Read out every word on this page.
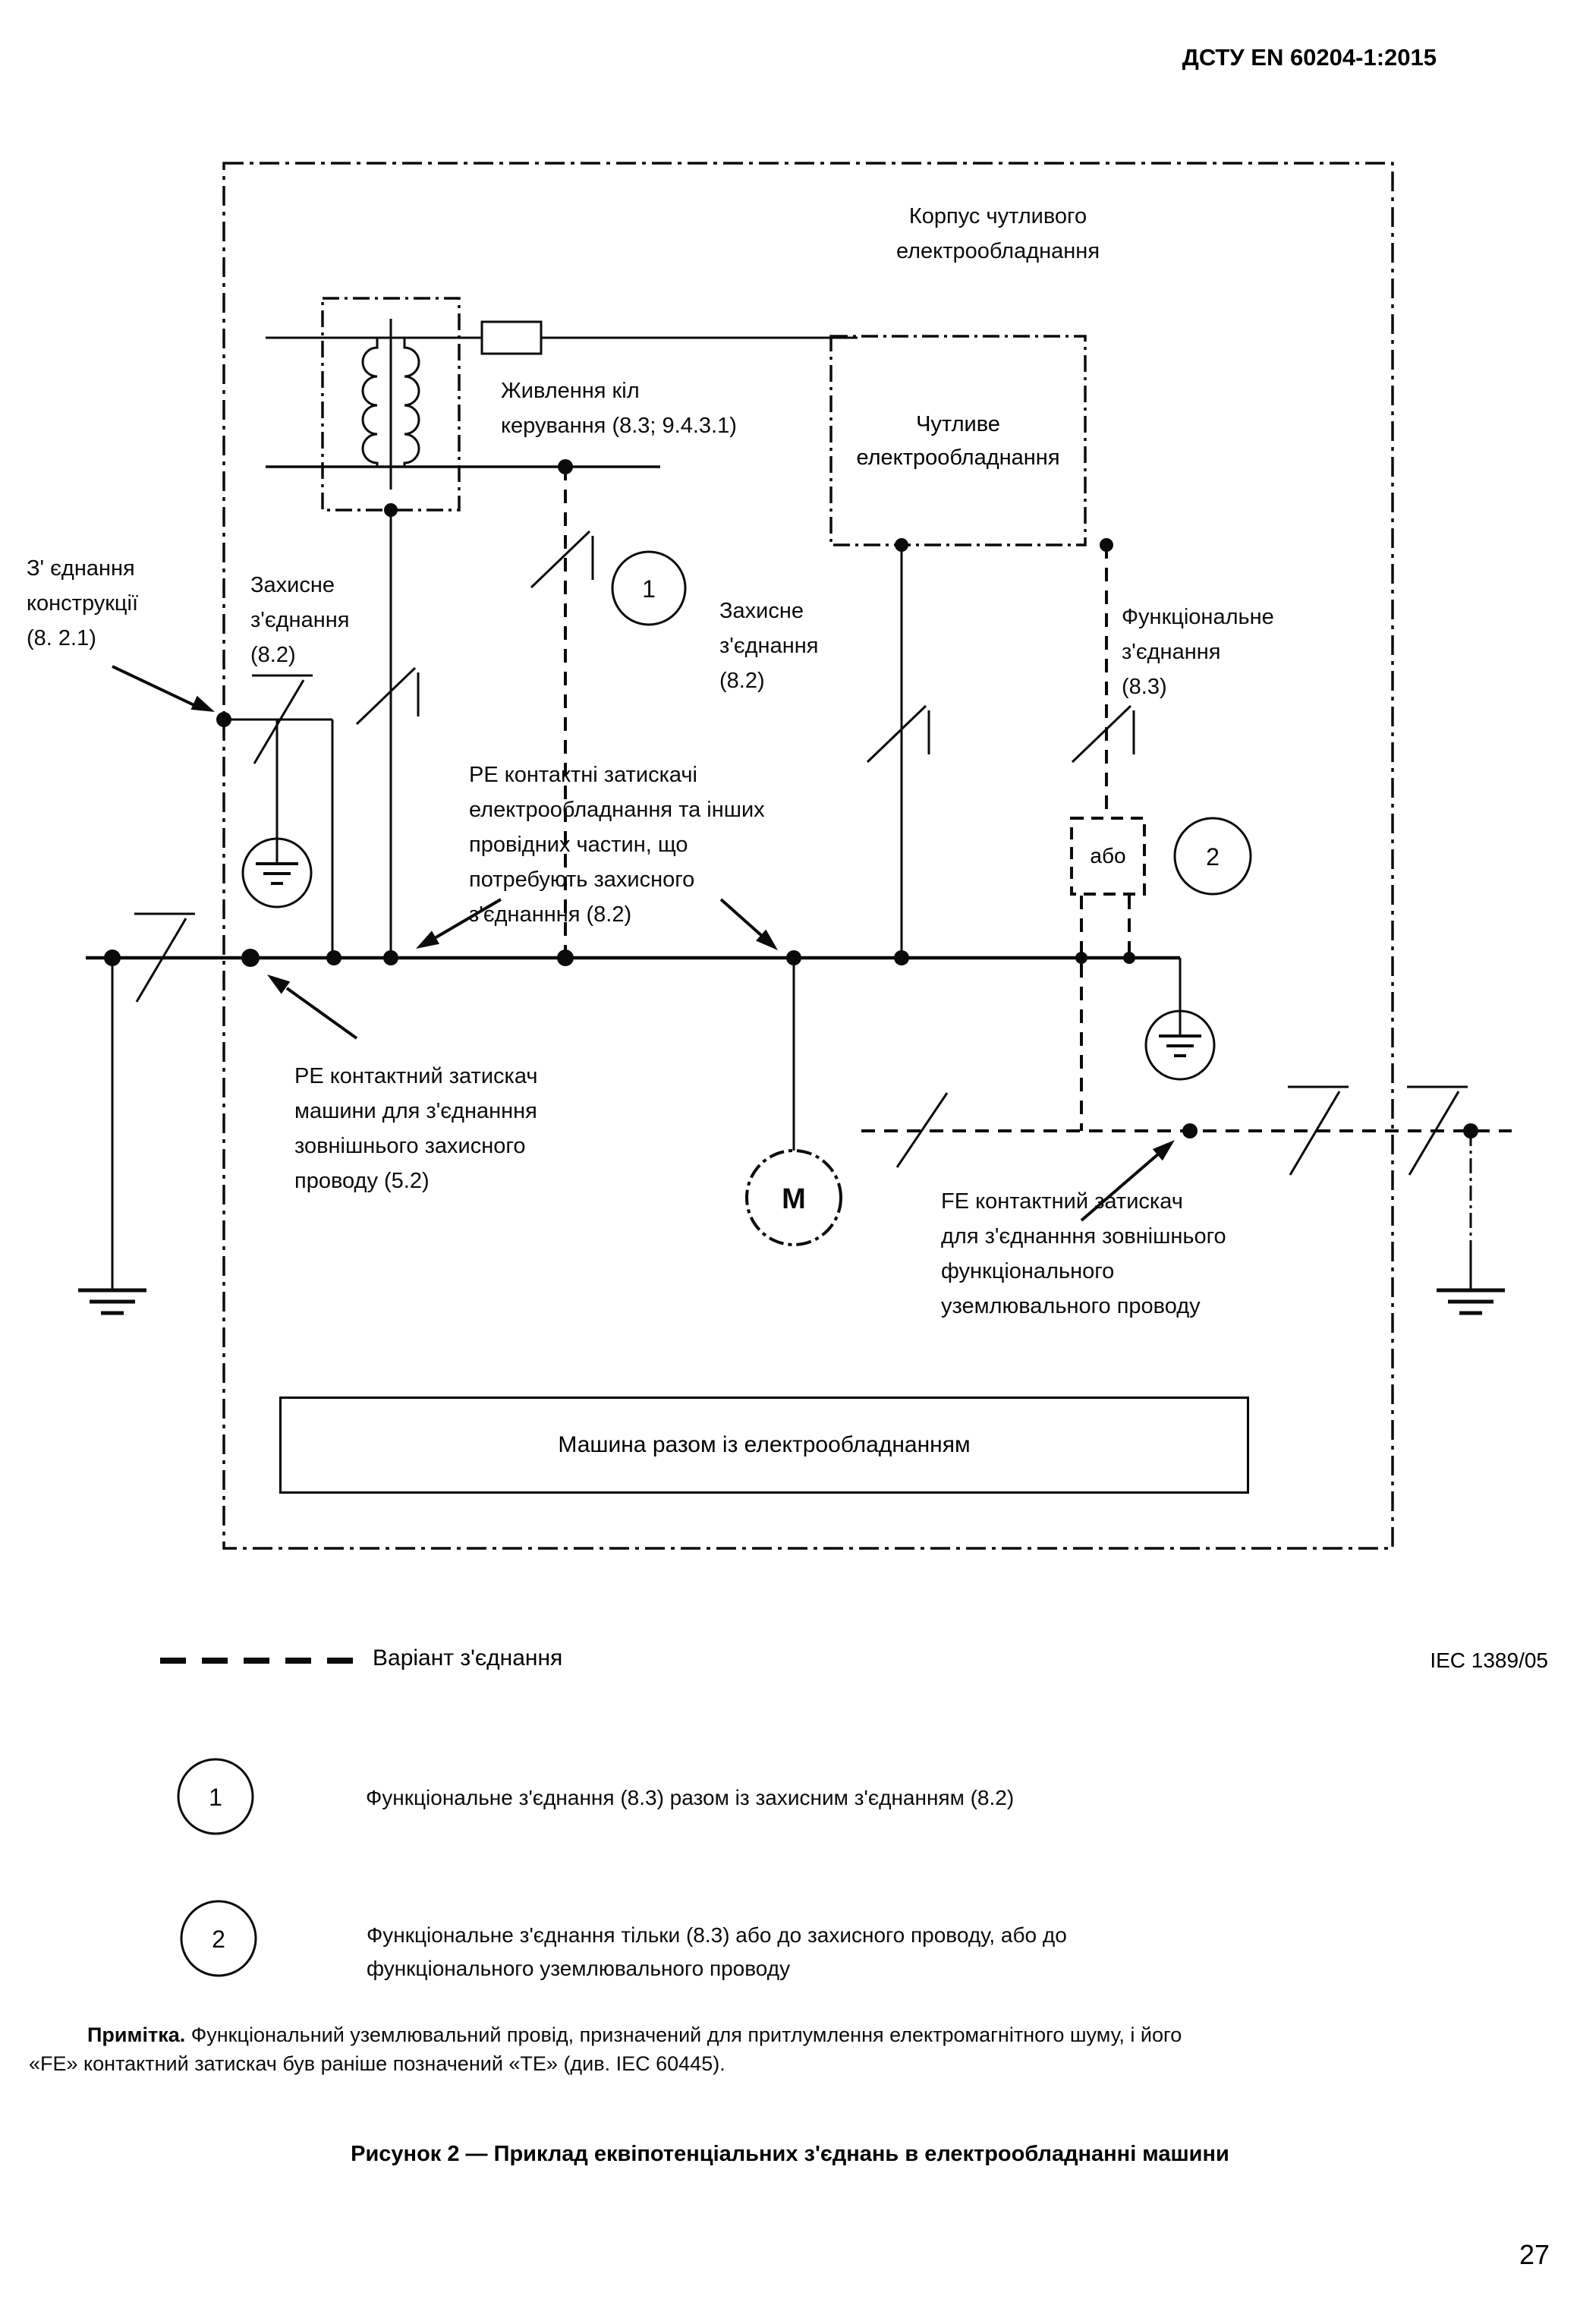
1
2
M
1
2
ДСТУ EN 60204-1:2015
Корпус чутливого
електрообладнання
Чутливе
електрообладнання
Живлення кіл
керування (8.3; 9.4.3.1)
З' єднання
конструкції
(8. 2.1)
Захисне
з'єднання
(8.2)
Захисне
з'єднання
(8.2)
Функціональне
з'єднання
(8.3)
PE контактні затискачі
електрообладнання та інших
провідних частин, що
потребують захисного
з'єднанння (8.2)
PE контактний затискач
машини для з'єднанння
зовнішнього захисного
проводу (5.2)
FE контактний затискач
для з'єднанння зовнішнього
функціонального
уземлювального проводу
або
Машина разом із електрообладнанням
Варіант з'єднання	IEC 1389/05
Функціональне з'єднання (8.3) разом із захисним з'єднанням (8.2)
Функціональне з'єднання тільки (8.3) або до захисного проводу, або до
функціонального уземлювального проводу
Примітка. Функціональний уземлювальний провід, призначений для притлумлення електромагнітного шуму, і його
«FE» контактний затискач був раніше позначений «ТЕ» (див. ІЕС 60445).
Рисунок 2 — Приклад еквіпотенціальних з'єднань в електрообладнанні машини
27
